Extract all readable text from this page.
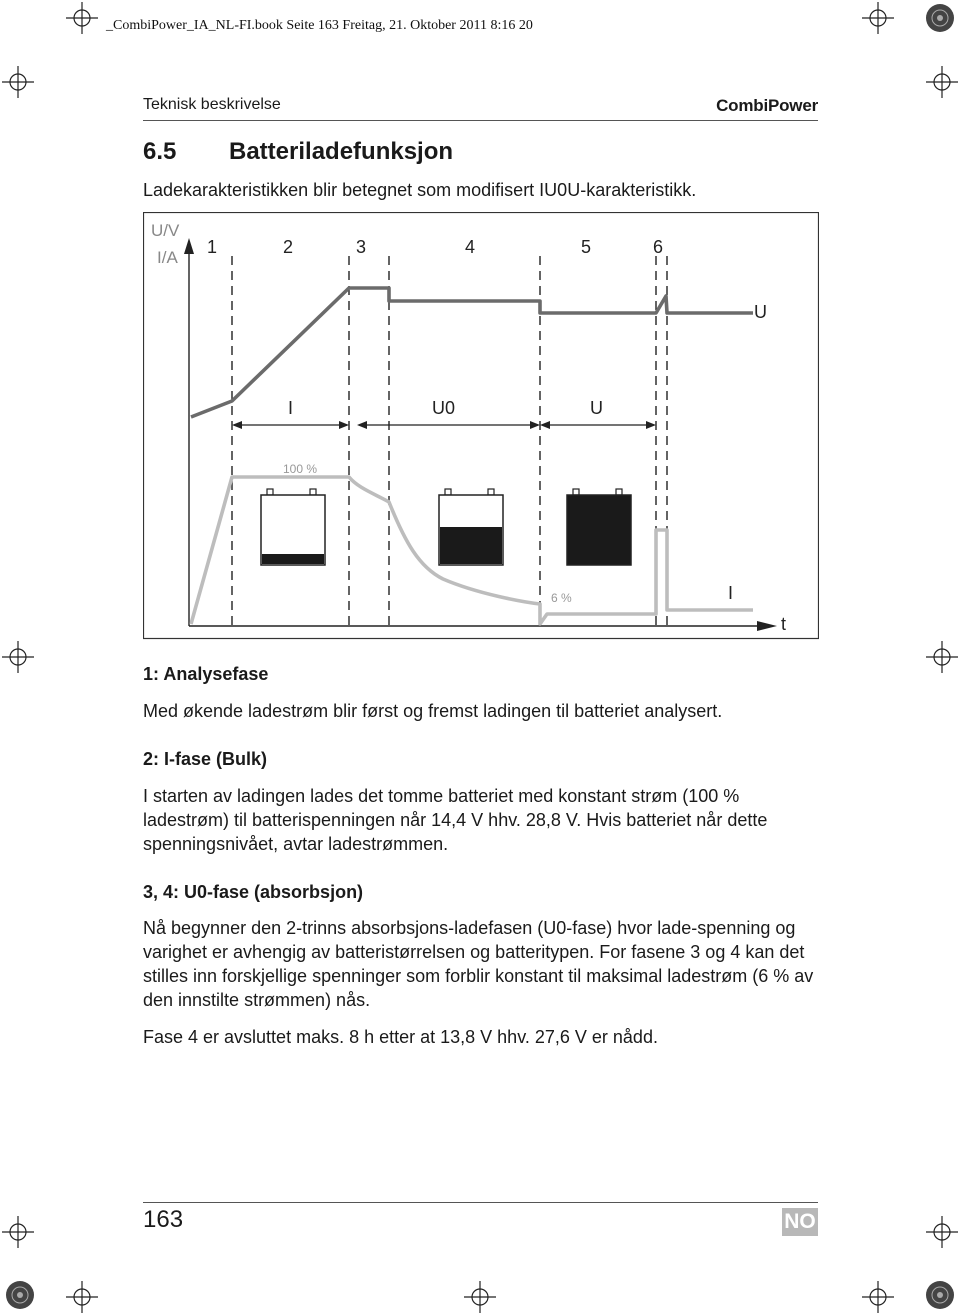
_CombiPower_IA_NL-FI.book Seite 163 Freitag, 21. Oktober 2011 8:16 20
Teknisk beskrivelse	CombiPower
6.5 Batteriladefunksjon
Ladekarakteristikken blir betegnet som modifisert IU0U-karakteristikk.
U/V
I/A
t
1	2	3	4	5	6
U
I	U0	U
100 %
6 %	I
1: Analysefase
Med økende ladestrøm blir først og fremst ladingen til batteriet analysert.
2: I-fase (Bulk)
I starten av ladingen lades det tomme batteriet med konstant strøm (100 % ladestrøm) til batterispenningen når 14,4 V hhv. 28,8 V. Hvis batteriet når dette spenningsnivået, avtar ladestrømmen.
3, 4: U0-fase (absorbsjon)
Nå begynner den 2-trinns absorbsjons-ladefasen (U0-fase) hvor lade-spenning og varighet er avhengig av batteristørrelsen og batteritypen. For fasene 3 og 4 kan det stilles inn forskjellige spenninger som forblir konstant til maksimal ladestrøm (6 % av den innstilte strømmen) nås.
Fase 4 er avsluttet maks. 8 h etter at 13,8 V hhv. 27,6 V er nådd.
163	NO
